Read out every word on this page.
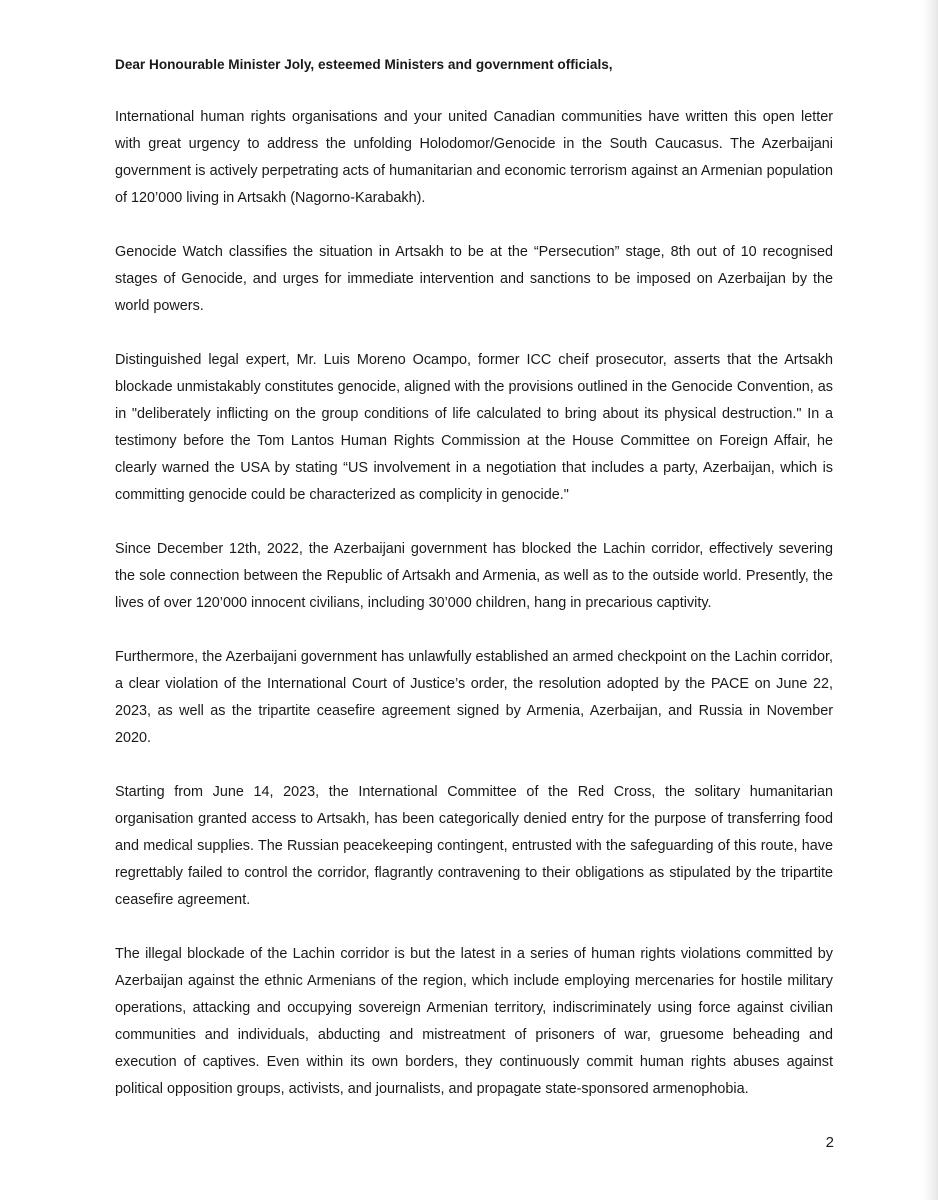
Dear Honourable Minister Joly, esteemed Ministers and government officials,

International human rights organisations and your united Canadian communities have written this open letter with great urgency to address the unfolding Holodomor/Genocide in the South Caucasus. The Azerbaijani government is actively perpetrating acts of humanitarian and economic terrorism against an Armenian population of 120’000 living in Artsakh (Nagorno-Karabakh).

Genocide Watch classifies the situation in Artsakh to be at the “Persecution” stage, 8th out of 10 recognised stages of Genocide, and urges for immediate intervention and sanctions to be imposed on Azerbaijan by the world powers.

Distinguished legal expert, Mr. Luis Moreno Ocampo, former ICC cheif prosecutor, asserts that the Artsakh blockade unmistakably constitutes genocide, aligned with the provisions outlined in the Genocide Convention, as in "deliberately inflicting on the group conditions of life calculated to bring about its physical destruction." In a testimony before the Tom Lantos Human Rights Commission at the House Committee on Foreign Affair, he clearly warned the USA by stating “US involvement in a negotiation that includes a party, Azerbaijan, which is committing genocide could be characterized as complicity in genocide."

Since December 12th, 2022, the Azerbaijani government has blocked the Lachin corridor, effectively severing the sole connection between the Republic of Artsakh and Armenia, as well as to the outside world. Presently, the lives of over 120’000 innocent civilians, including 30’000 children, hang in precarious captivity.

Furthermore, the Azerbaijani government has unlawfully established an armed checkpoint on the Lachin corridor, a clear violation of the International Court of Justice’s order, the resolution adopted by the PACE on June 22, 2023, as well as the tripartite ceasefire agreement signed by Armenia, Azerbaijan, and Russia in November 2020.

Starting from June 14, 2023, the International Committee of the Red Cross, the solitary humanitarian organisation granted access to Artsakh, has been categorically denied entry for the purpose of transferring food and medical supplies. The Russian peacekeeping contingent, entrusted with the safeguarding of this route, have regrettably failed to control the corridor, flagrantly contravening to their obligations as stipulated by the tripartite ceasefire agreement.

The illegal blockade of the Lachin corridor is but the latest in a series of human rights violations committed by Azerbaijan against the ethnic Armenians of the region, which include employing mercenaries for hostile military operations, attacking and occupying sovereign Armenian territory, indiscriminately using force against civilian communities and individuals, abducting and mistreatment of prisoners of war, gruesome beheading and execution of captives. Even within its own borders, they continuously commit human rights abuses against political opposition groups, activists, and journalists, and propagate state-sponsored armenophobia.

2
